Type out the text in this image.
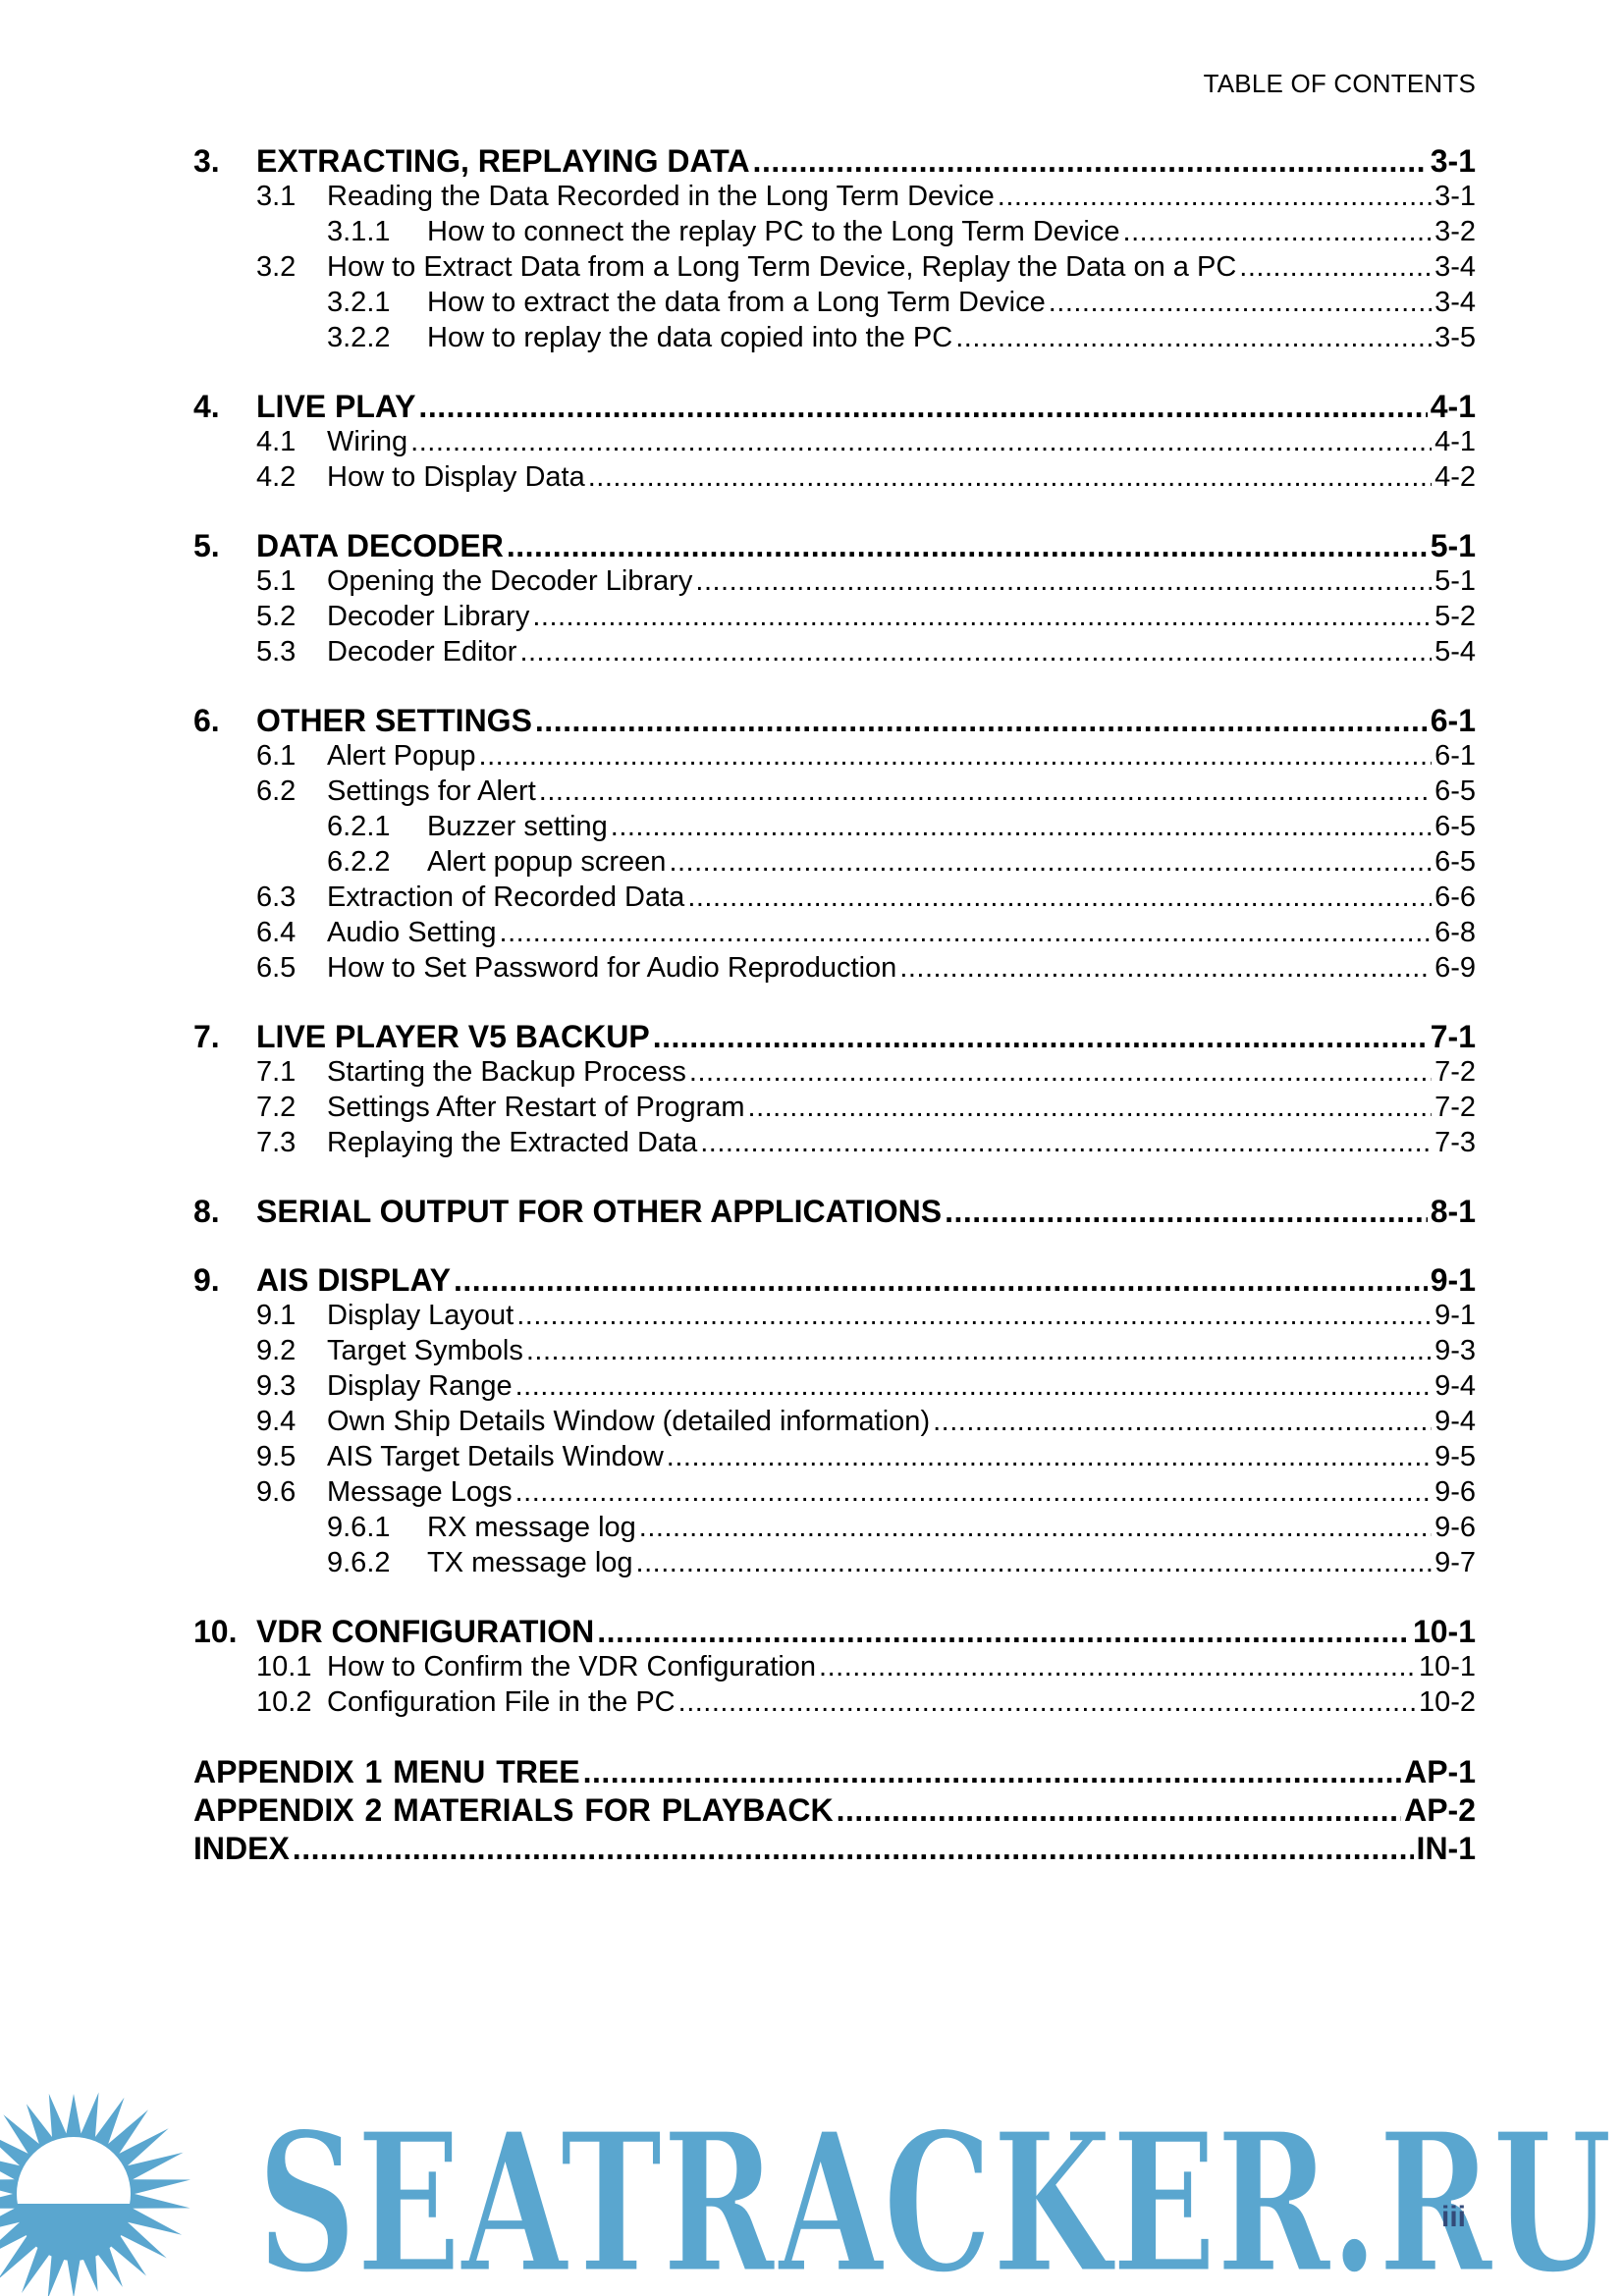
TABLE OF CONTENTS
3.	EXTRACTING, REPLAYING DATA .....	3-1
3.1	Reading the Data Recorded in the Long Term Device .....	3-1
3.1.1	How to connect the replay PC to the Long Term Device .....	3-2
3.2	How to Extract Data from a Long Term Device, Replay the Data on a PC .....	3-4
3.2.1	How to extract the data from a Long Term Device .....	3-4
3.2.2	How to replay the data copied into the PC .....	3-5
4.	LIVE PLAY .....	4-1
4.1	Wiring .....	4-1
4.2	How to Display Data .....	4-2
5.	DATA DECODER .....	5-1
5.1	Opening the Decoder Library .....	5-1
5.2	Decoder Library .....	5-2
5.3	Decoder Editor .....	5-4
6.	OTHER SETTINGS .....	6-1
6.1	Alert Popup .....	6-1
6.2	Settings for Alert .....	6-5
6.2.1	Buzzer setting .....	6-5
6.2.2	Alert popup screen .....	6-5
6.3	Extraction of Recorded Data .....	6-6
6.4	Audio Setting .....	6-8
6.5	How to Set Password for Audio Reproduction .....	6-9
7.	LIVE PLAYER V5 BACKUP .....	7-1
7.1	Starting the Backup Process .....	7-2
7.2	Settings After Restart of Program .....	7-2
7.3	Replaying the Extracted Data .....	7-3
8.	SERIAL OUTPUT FOR OTHER APPLICATIONS .....	8-1
9.	AIS DISPLAY .....	9-1
9.1	Display Layout .....	9-1
9.2	Target Symbols .....	9-3
9.3	Display Range .....	9-4
9.4	Own Ship Details Window (detailed information) .....	9-4
9.5	AIS Target Details Window .....	9-5
9.6	Message Logs .....	9-6
9.6.1	RX message log .....	9-6
9.6.2	TX message log .....	9-7
10. VDR CONFIGURATION .....	10-1
10.1 How to Confirm the VDR Configuration .....	10-1
10.2 Configuration File in the PC .....	10-2
APPENDIX 1 MENU TREE .....	AP-1
APPENDIX 2 MATERIALS FOR PLAYBACK .....	AP-2
INDEX .....	IN-1
SEATRACKER.RU
iii
